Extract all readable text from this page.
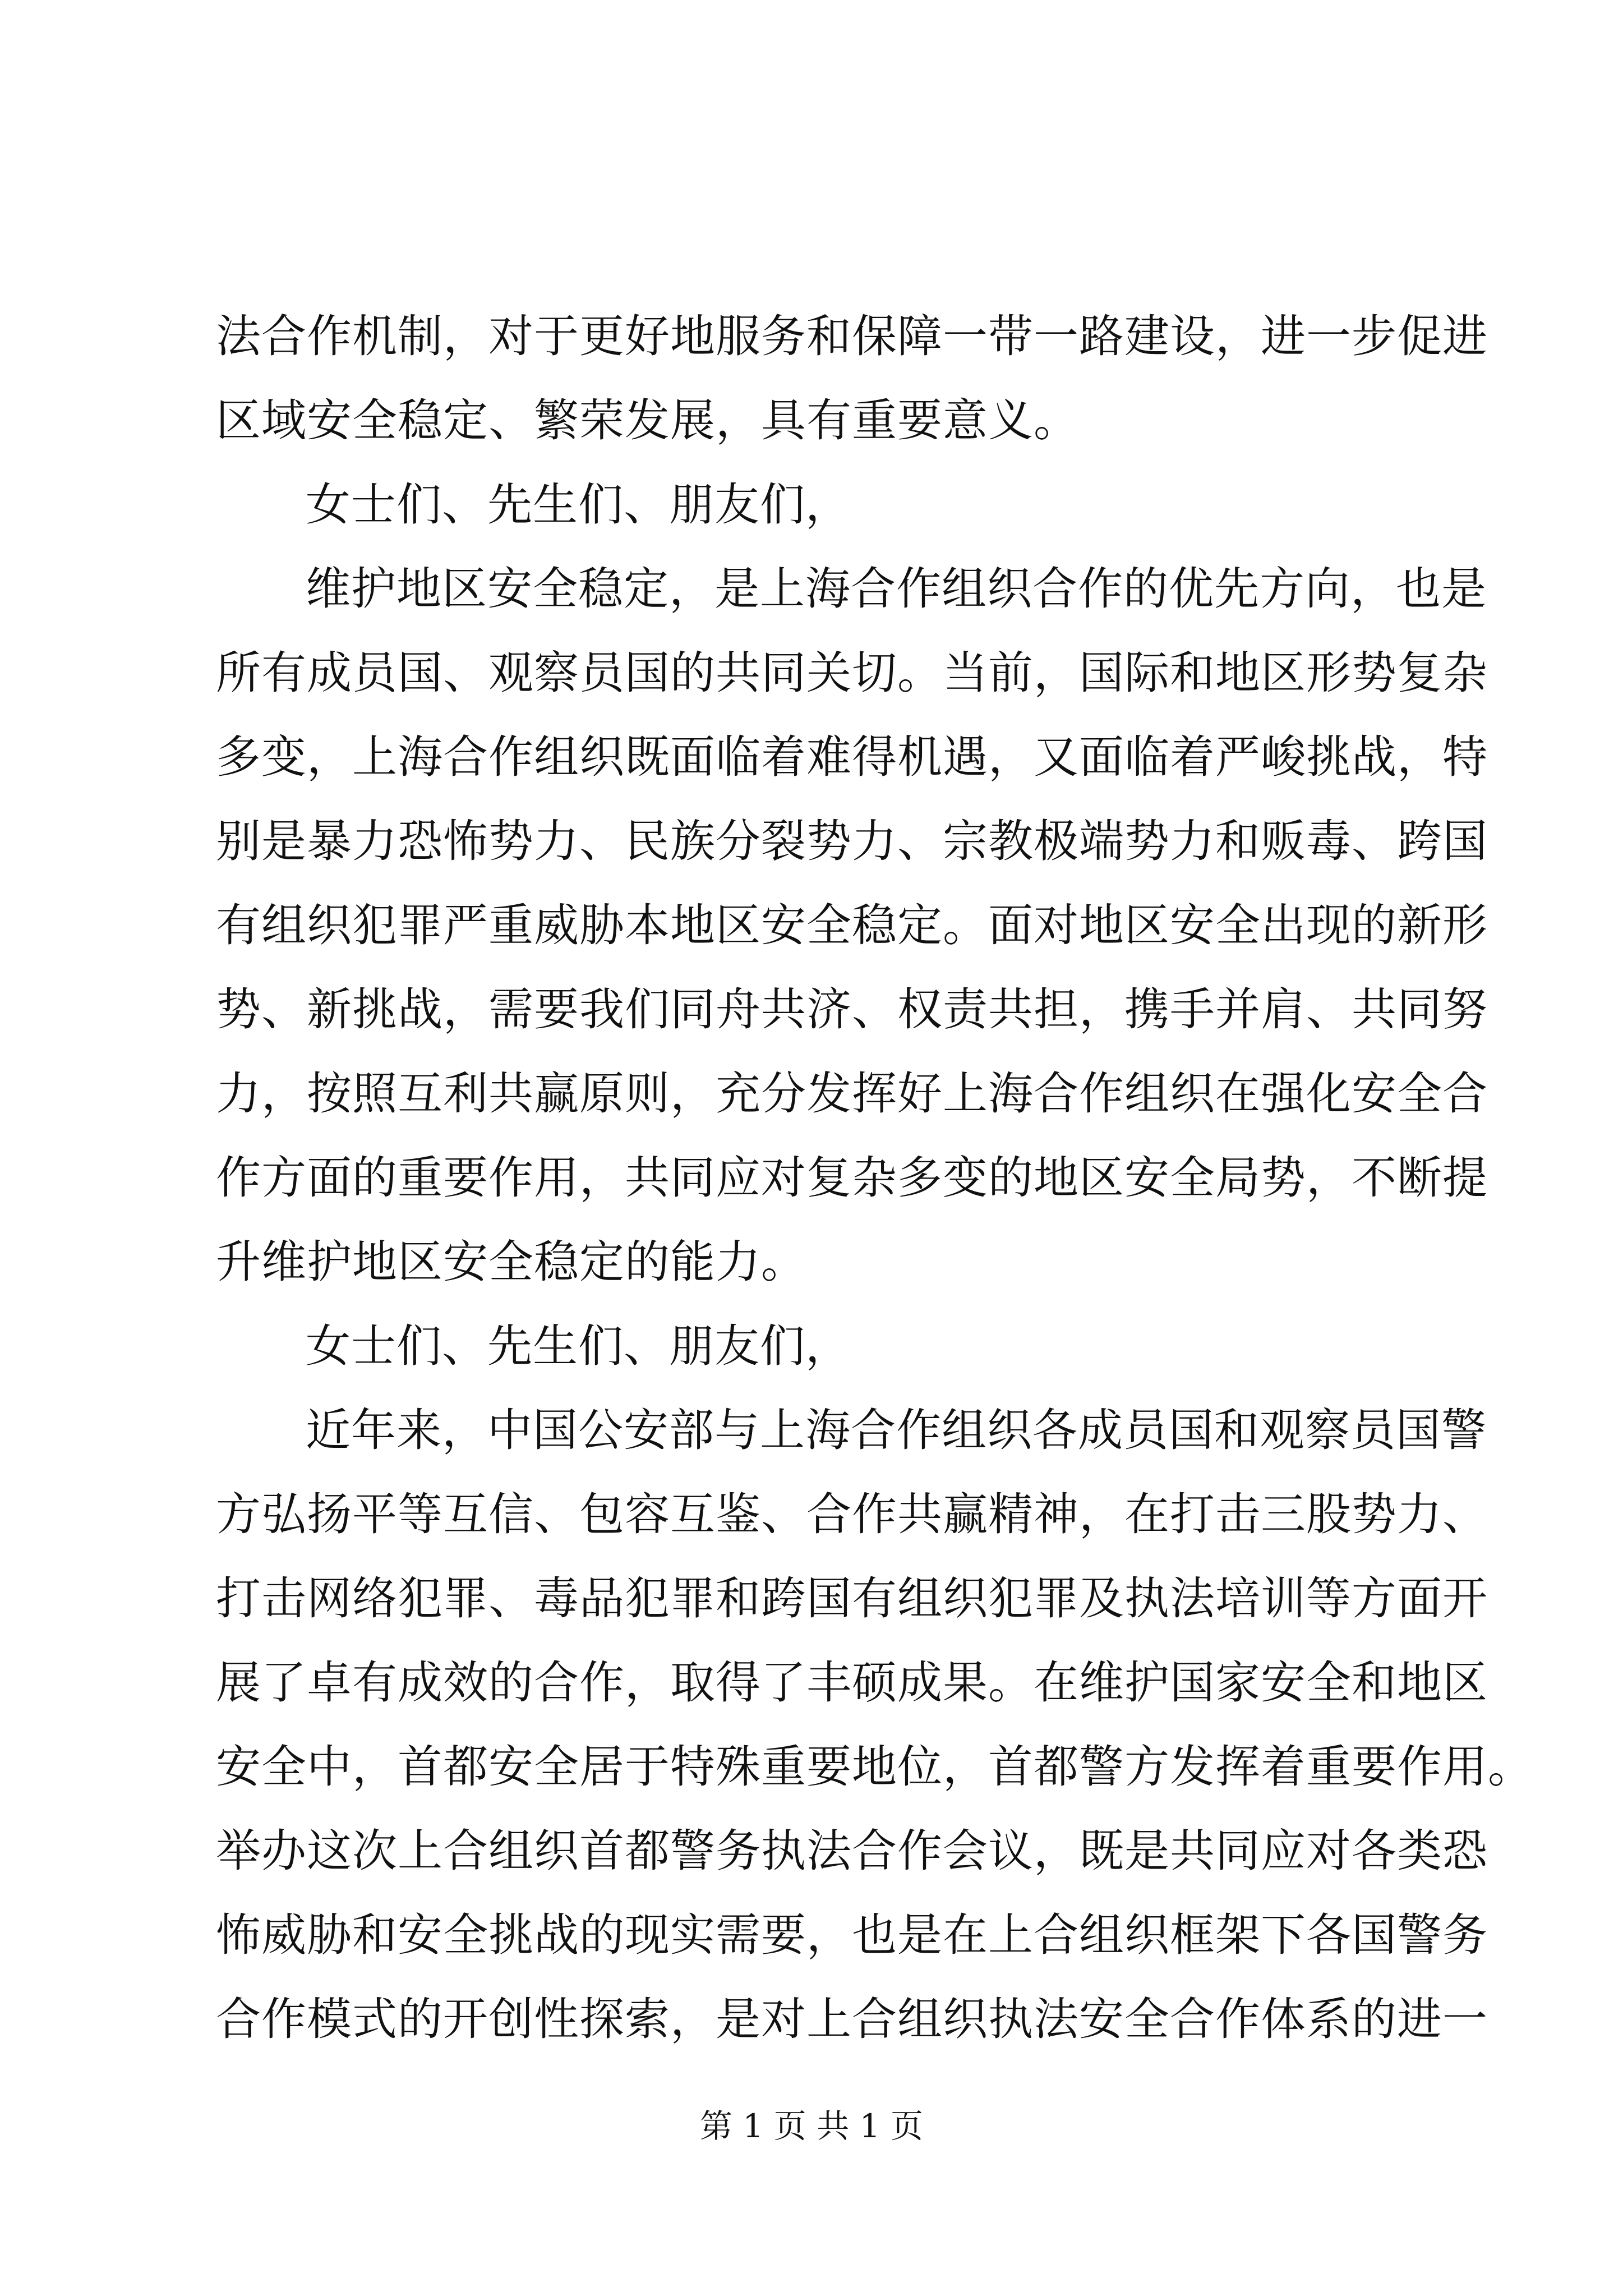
法合作机制，对于更好地服务和保障一带一路建设，进一步促进
区域安全稳定、繁荣发展，具有重要意义。
女士们、先生们、朋友们，
维护地区安全稳定，是上海合作组织合作的优先方向，也是
所有成员国、观察员国的共同关切。当前，国际和地区形势复杂
多变，上海合作组织既面临着难得机遇，又面临着严峻挑战，特
别是暴力恐怖势力、民族分裂势力、宗教极端势力和贩毒、跨国
有组织犯罪严重威胁本地区安全稳定。面对地区安全出现的新形
势、新挑战，需要我们同舟共济、权责共担，携手并肩、共同努
力，按照互利共赢原则，充分发挥好上海合作组织在强化安全合
作方面的重要作用，共同应对复杂多变的地区安全局势，不断提
升维护地区安全稳定的能力。
女士们、先生们、朋友们，
近年来，中国公安部与上海合作组织各成员国和观察员国警
方弘扬平等互信、包容互鉴、合作共赢精神，在打击三股势力、
打击网络犯罪、毒品犯罪和跨国有组织犯罪及执法培训等方面开
展了卓有成效的合作，取得了丰硕成果。在维护国家安全和地区
安全中，首都安全居于特殊重要地位，首都警方发挥着重要作用。
举办这次上合组织首都警务执法合作会议，既是共同应对各类恐
怖威胁和安全挑战的现实需要，也是在上合组织框架下各国警务
合作模式的开创性探索，是对上合组织执法安全合作体系的进一
第 1 页 共 1 页
